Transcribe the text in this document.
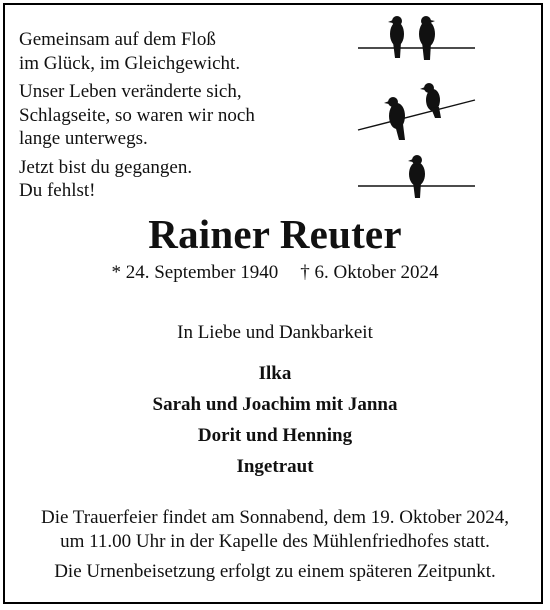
Gemeinsam auf dem Floß
im Glück, im Gleichgewicht.
Unser Leben veränderte sich,
Schlagseite, so waren wir noch
lange unterwegs.
Jetzt bist du gegangen.
Du fehlst!
Rainer Reuter
* 24. September 1940 † 6. Oktober 2024
In Liebe und Dankbarkeit
Ilka
Sarah und Joachim mit Janna
Dorit und Henning
Ingetraut
Die Trauerfeier findet am Sonnabend, dem 19. Oktober 2024,
um 11.00 Uhr in der Kapelle des Mühlenfriedhofes statt.
Die Urnenbeisetzung erfolgt zu einem späteren Zeitpunkt.
